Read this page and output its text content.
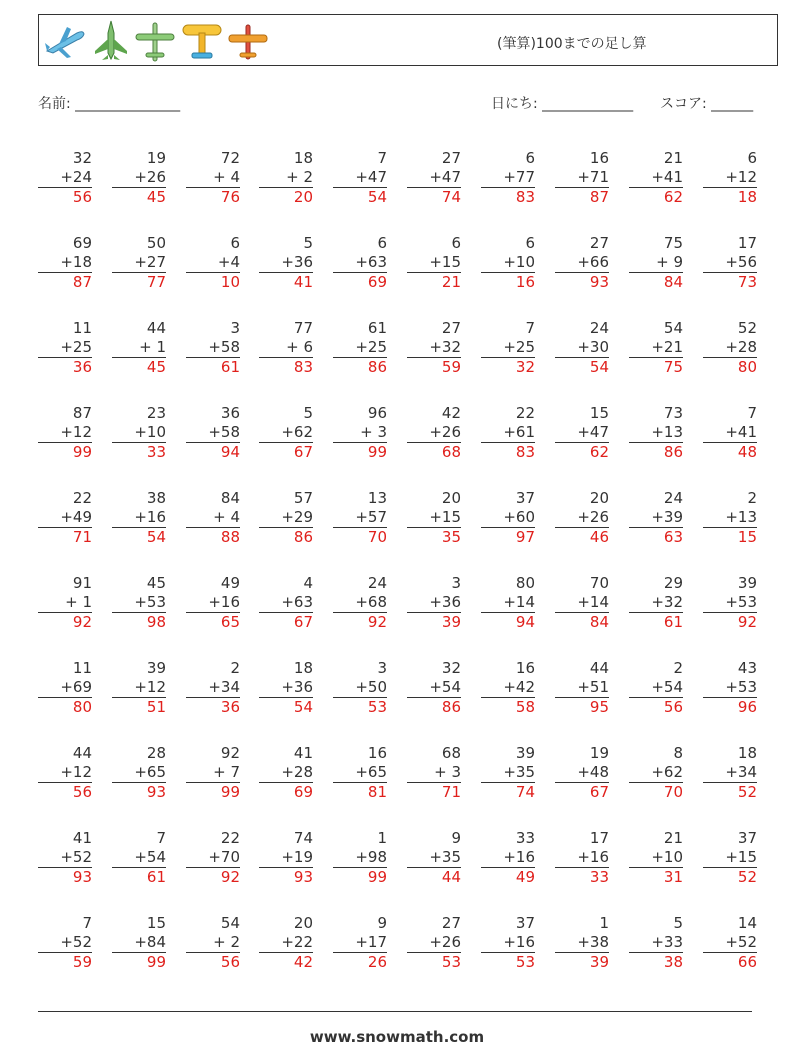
(筆算)100までの足し算
名前: _______________	日にち: _____________ スコア: ______
32
+24
56
19
+26
45
72
+ 4
76
18
+ 2
20
7
+47
54
27
+47
74
6
+77
83
16
+71
87
21
+41
62
6
+12
18
69
+18
87
50
+27
77
6
+4
10
5
+36
41
6
+63
69
6
+15
21
6
+10
16
27
+66
93
75
+ 9
84
17
+56
73
11
+25
36
44
+ 1
45
3
+58
61
77
+ 6
83
61
+25
86
27
+32
59
7
+25
32
24
+30
54
54
+21
75
52
+28
80
87
+12
99
23
+10
33
36
+58
94
5
+62
67
96
+ 3
99
42
+26
68
22
+61
83
15
+47
62
73
+13
86
7
+41
48
22
+49
71
38
+16
54
84
+ 4
88
57
+29
86
13
+57
70
20
+15
35
37
+60
97
20
+26
46
24
+39
63
2
+13
15
91
+ 1
92
45
+53
98
49
+16
65
4
+63
67
24
+68
92
3
+36
39
80
+14
94
70
+14
84
29
+32
61
39
+53
92
11
+69
80
39
+12
51
2
+34
36
18
+36
54
3
+50
53
32
+54
86
16
+42
58
44
+51
95
2
+54
56
43
+53
96
44
+12
56
28
+65
93
92
+ 7
99
41
+28
69
16
+65
81
68
+ 3
71
39
+35
74
19
+48
67
8
+62
70
18
+34
52
41
+52
93
7
+54
61
22
+70
92
74
+19
93
1
+98
99
9
+35
44
33
+16
49
17
+16
33
21
+10
31
37
+15
52
7
+52
59
15
+84
99
54
+ 2
56
20
+22
42
9
+17
26
27
+26
53
37
+16
53
1
+38
39
5
+33
38
14
+52
66
www.snowmath.com
